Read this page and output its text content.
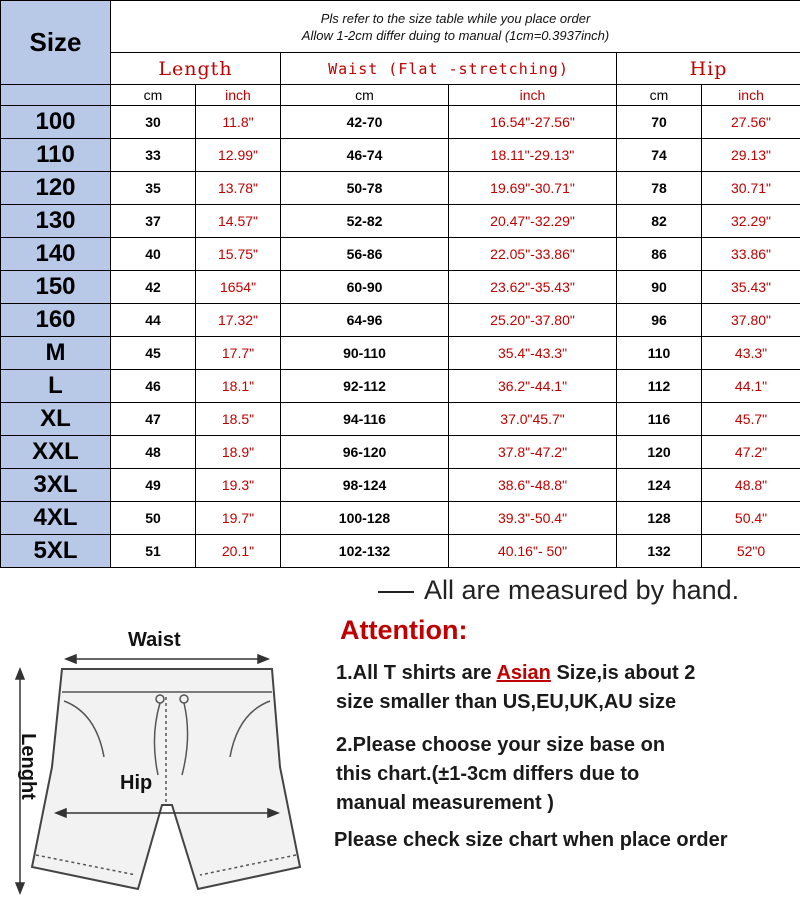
Size	Pls refer to the size table while you place order
Allow 1-2cm differ duing to manual (1cm=0.3937inch)					

	Length		Waist (Flat -stretching)		Hip	
	cm	inch	cm	inch	cm	inch
100	30	11.8"	42-70	16.54"-27.56"	70	27.56"
110	33	12.99"	46-74	18.11"-29.13"	74	29.13"
120	35	13.78"	50-78	19.69"-30.71"	78	30.71"
130	37	14.57"	52-82	20.47"-32.29"	82	32.29"
140	40	15.75"	56-86	22.05"-33.86"	86	33.86"
150	42	1654"	60-90	23.62"-35.43"	90	35.43"
160	44	17.32"	64-96	25.20"-37.80"	96	37.80"
M	45	17.7"	90-110	35.4"-43.3"	110	43.3"
L	46	18.1"	92-112	36.2"-44.1"	112	44.1"
XL	47	18.5"	94-116	37.0"45.7"	116	45.7"
XXL	48	18.9"	96-120	37.8"-47.2"	120	47.2"
3XL	49	19.3"	98-124	38.6"-48.8"	124	48.8"
4XL	50	19.7"	100-128	39.3"-50.4"	128	50.4"
5XL	51	20.1"	102-132	40.16"- 50"	132	52"0
Waist
Lenght	Hip
All are measured by hand.
Attention:
1.All T shirts are Asian Size,is about 2
size smaller than US,EU,UK,AU size
2.Please choose your size base on
this chart.(±1-3cm differs due to
manual measurement )
Please check size chart when place order
